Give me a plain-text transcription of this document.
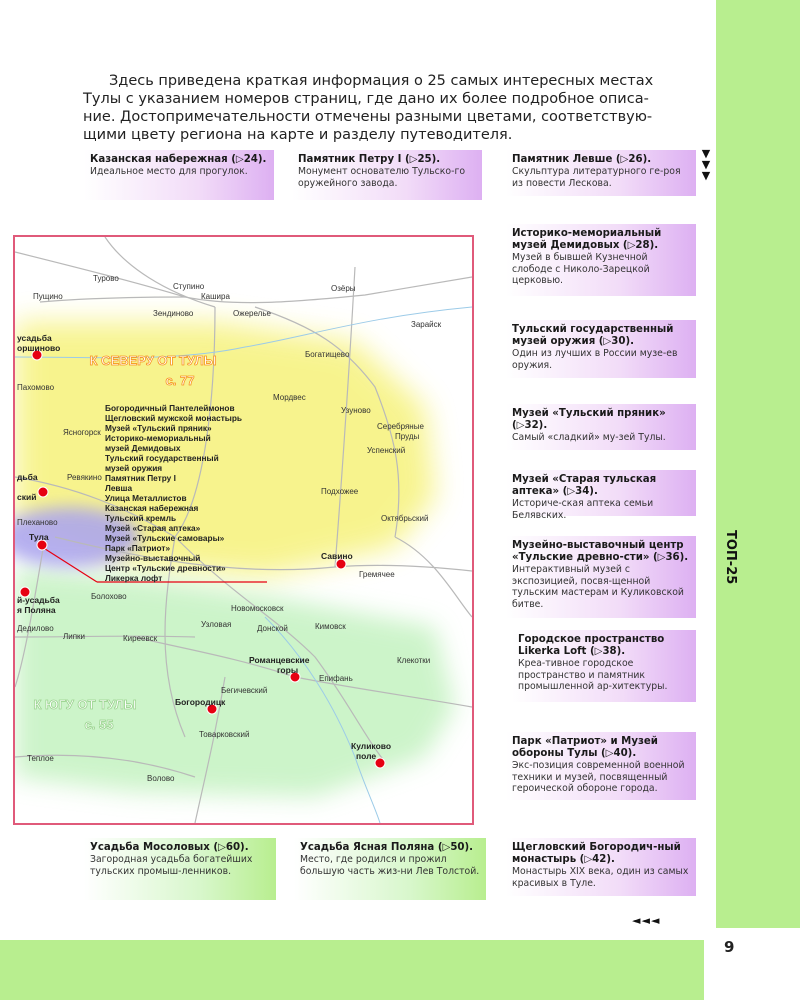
9
ТОП-25
▼
▼
▼
◄◄◄
Здесь приведена краткая информация о 25 самых интересных местах
Тулы с указанием номеров страниц, где дано их более подробное описа-
ние. Достопримечательности отмечены разными цветами, соответствую-
щими цвету региона на карте и разделу путеводителя.
Казанская набережная (▷24).
Идеальное место для прогулок.
Памятник Петру I (▷25).
Монумент основателю Тульско-го оружейного завода.
Памятник Левше (▷26).
Скульптура литературного ге-роя из повести Лескова.
Историко-мемориальный музей Демидовых (▷28).
Музей в бывшей Кузнечной слободе с Николо-Зарецкой церковью.
Тульский государственный музей оружия (▷30).
Один из лучших в России музе-ев оружия.
Музей «Тульский пряник» (▷32).
Самый «сладкий» му-зей Тулы.
Музей «Старая тульская аптека» (▷34).
Историче-ская аптека семьи Белявских.
Музейно-выставочный центр «Тульские древно-сти» (▷36).
Интерактивный музей с экспозицией, посвя-щенной тульским мастерам и Куликовской битве.
Городское пространство Likerka Loft (▷38).
Креа-тивное городское пространство и памятник промышленной ар-хитектуры.
Парк «Патриот» и Музей обороны Тулы (▷40).
Экс-позиция современной военной техники и музей, посвященный героической обороне города.
Усадьба Мосоловых (▷60).
Загородная усадьба богатейших тульских промыш-ленников.
Усадьба Ясная Поляна (▷50).
Место, где родился и прожил большую часть жиз-ни Лев Толстой.
Щегловский Богородич-ный монастырь (▷42).
Монастырь XIX века, один из самых красивых в Туле.
К СЕВЕРУ ОТ ТУЛЫ
с. 77
К ЮГУ ОТ ТУЛЫ
с. 55
Богородичный Пантелеймонов
Щегловский мужской монастырь
Музей «Тульский пряник»
Историко-мемориальный
музей Демидовых
Тульский государственный
музей оружия
Памятник Петру I
Левша
Улица Металлистов
Казанская набережная
Тульский кремль
Музей «Старая аптека»
Музей «Тульские самовары»
Парк «Патриот»
Музейно-выставочный
Центр «Тульские древности»
Ликерка лофт
усадьба
оршиново
дьба
ский
Тула
й-усадьба
я Поляна
Савино
Романцевские
горы
Богородицк
Куликово
поле
Турово
Ступино
Кашира
Озёры
Пущино
Зендиново	Ожерелье
Зарайск
Богатищево
Пахомово
Мордвес
Узуново
Ясногорск
Серебряные
Пруды
Успенский
Ревякино
Подхожее
Плеханово	Октябрьский
Гремячее
Болохово
Новомосковск
Узловая	Донской	Кимовск
Дедилово
Липки	Киреевск
Клекотки
Епифань
Бегичевский
Товарковский
Теплое
Волово
